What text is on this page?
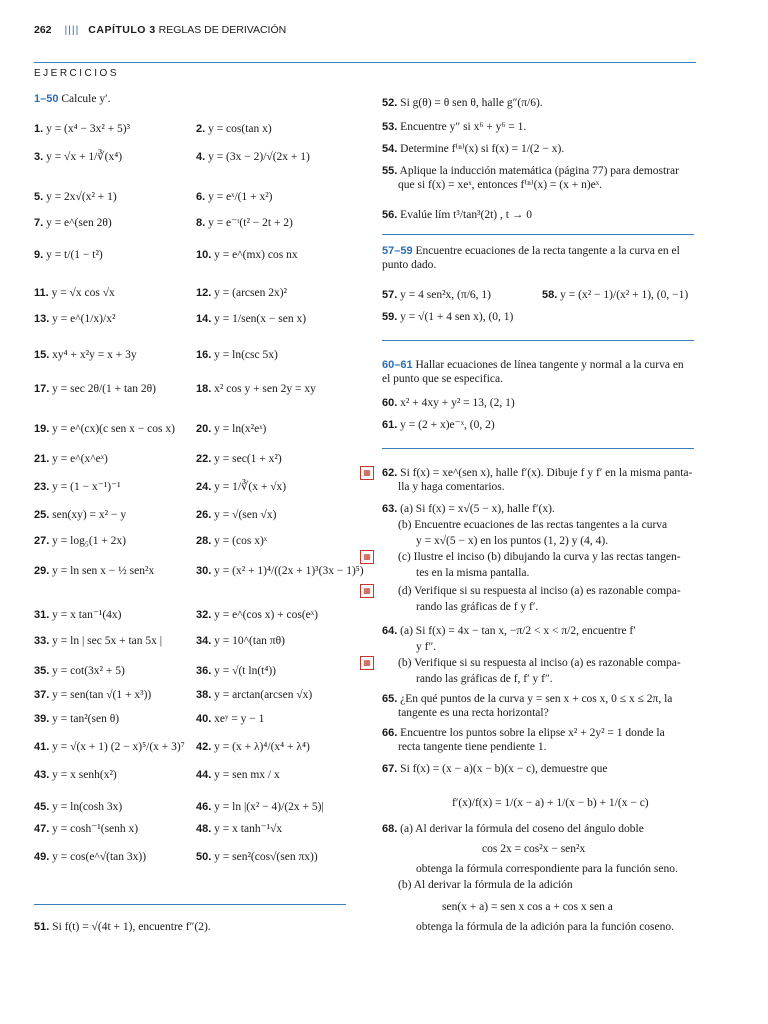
262 |||| CAPÍTULO 3 REGLAS DE DERIVACIÓN
EJERCICIOS
1–50 Calcule y′.
1. y = (x⁴ − 3x² + 5)³	2. y = cos(tan x)
3. y = √x + 1/∛(x⁴)	4. y = (3x − 2)/√(2x + 1)
5. y = 2x√(x² + 1)	6. y = eˣ/(1 + x²)
7. y = e^(sen 2θ)	8. y = e⁻ᵗ(t² − 2t + 2)
9. y = t/(1 − t²)	10. y = e^(mx) cos nx
11. y = √x cos √x	12. y = (arcsen 2x)²
13. y = e^(1/x)/x²	14. y = 1/sen(x − sen x)
15. xy⁴ + x²y = x + 3y	16. y = ln(csc 5x)
17. y = sec 2θ/(1 + tan 2θ)	18. x² cos y + sen 2y = xy
19. y = e^(cx)(c sen x − cos x) 20. y = ln(x²eˣ)
21. y = e^(x^eˣ)	22. y = sec(1 + x²)
23. y = (1 − x⁻¹)⁻¹	24. y = 1/∛(x + √x)
25. sen(xy) = x² − y	26. y = √(sen √x)
27. y = log₅(1 + 2x)	28. y = (cos x)ˣ
29. y = ln sen x − ½ sen²x	30. y = (x² + 1)⁴/((2x + 1)³(3x − 1)⁵)
31. y = x tan⁻¹(4x)	32. y = e^(cos x) + cos(eˣ)
33. y = ln | sec 5x + tan 5x |	34. y = 10^(tan πθ)
35. y = cot(3x² + 5)	36. y = √(t ln(t⁴))
37. y = sen(tan √(1 + x³))	38. y = arctan(arcsen √x)
39. y = tan²(sen θ)	40. xeʸ = y − 1
41. y = √(x + 1) (2 − x)⁵/(x + 3)⁷ 42. y = (x + λ)⁴/(x⁴ + λ⁴)
43. y = x senh(x²)	44. y = sen mx / x
45. y = ln(cosh 3x)	46. y = ln |(x² − 4)/(2x + 5)|
47. y = cosh⁻¹(senh x)	48. y = x tanh⁻¹√x
49. y = cos(e^√(tan 3x))	50. y = sen²(cos√(sen πx))
51. Si f(t) = √(4t + 1), encuentre f″(2).
52. Si g(θ) = θ sen θ, halle g″(π/6).
53. Encuentre y″ si x⁶ + y⁶ = 1.
54. Determine f⁽ⁿ⁾(x) si f(x) = 1/(2 − x).
55. Aplique la inducción matemática (página 77) para demostrar
que si f(x) = xeˣ, entonces f⁽ⁿ⁾(x) = (x + n)eˣ.
56. Evalúe lím t³/tan³(2t) , t → 0
57–59 Encuentre ecuaciones de la recta tangente a la curva en el
punto dado.
57. y = 4 sen²x, (π/6, 1)	58. y = (x² − 1)/(x² + 1), (0, −1)
59. y = √(1 + 4 sen x), (0, 1)
60–61 Hallar ecuaciones de línea tangente y normal a la curva en
el punto que se especifica.
60. x² + 4xy + y² = 13, (2, 1)
61. y = (2 + x)e⁻ˣ, (0, 2)
▦ 62. Si f(x) = xe^(sen x), halle f′(x). Dibuje f y f′ en la misma panta-
lla y haga comentarios.
63. (a) Si f(x) = x√(5 − x), halle f′(x).
(b) Encuentre ecuaciones de las rectas tangentes a la curva
y = x√(5 − x) en los puntos (1, 2) y (4, 4).
▦ (c) Ilustre el inciso (b) dibujando la curva y las rectas tangen-
tes en la misma pantalla.
▦ (d) Verifique si su respuesta al inciso (a) es razonable compa-
rando las gráficas de f y f′.
64. (a) Si f(x) = 4x − tan x, −π/2 < x < π/2, encuentre f′
y f″.
▦ (b) Verifique si su respuesta al inciso (a) es razonable compa-
rando las gráficas de f, f′ y f″.
65. ¿En qué puntos de la curva y = sen x + cos x, 0 ≤ x ≤ 2π, la
tangente es una recta horizontal?
66. Encuentre los puntos sobre la elipse x² + 2y² = 1 donde la
recta tangente tiene pendiente 1.
67. Si f(x) = (x − a)(x − b)(x − c), demuestre que
f′(x)/f(x) = 1/(x − a) + 1/(x − b) + 1/(x − c)
68. (a) Al derivar la fórmula del coseno del ángulo doble
cos 2x = cos²x − sen²x
obtenga la fórmula correspondiente para la función seno.
(b) Al derivar la fórmula de la adición
sen(x + a) = sen x cos a + cos x sen a
obtenga la fórmula de la adición para la función coseno.
